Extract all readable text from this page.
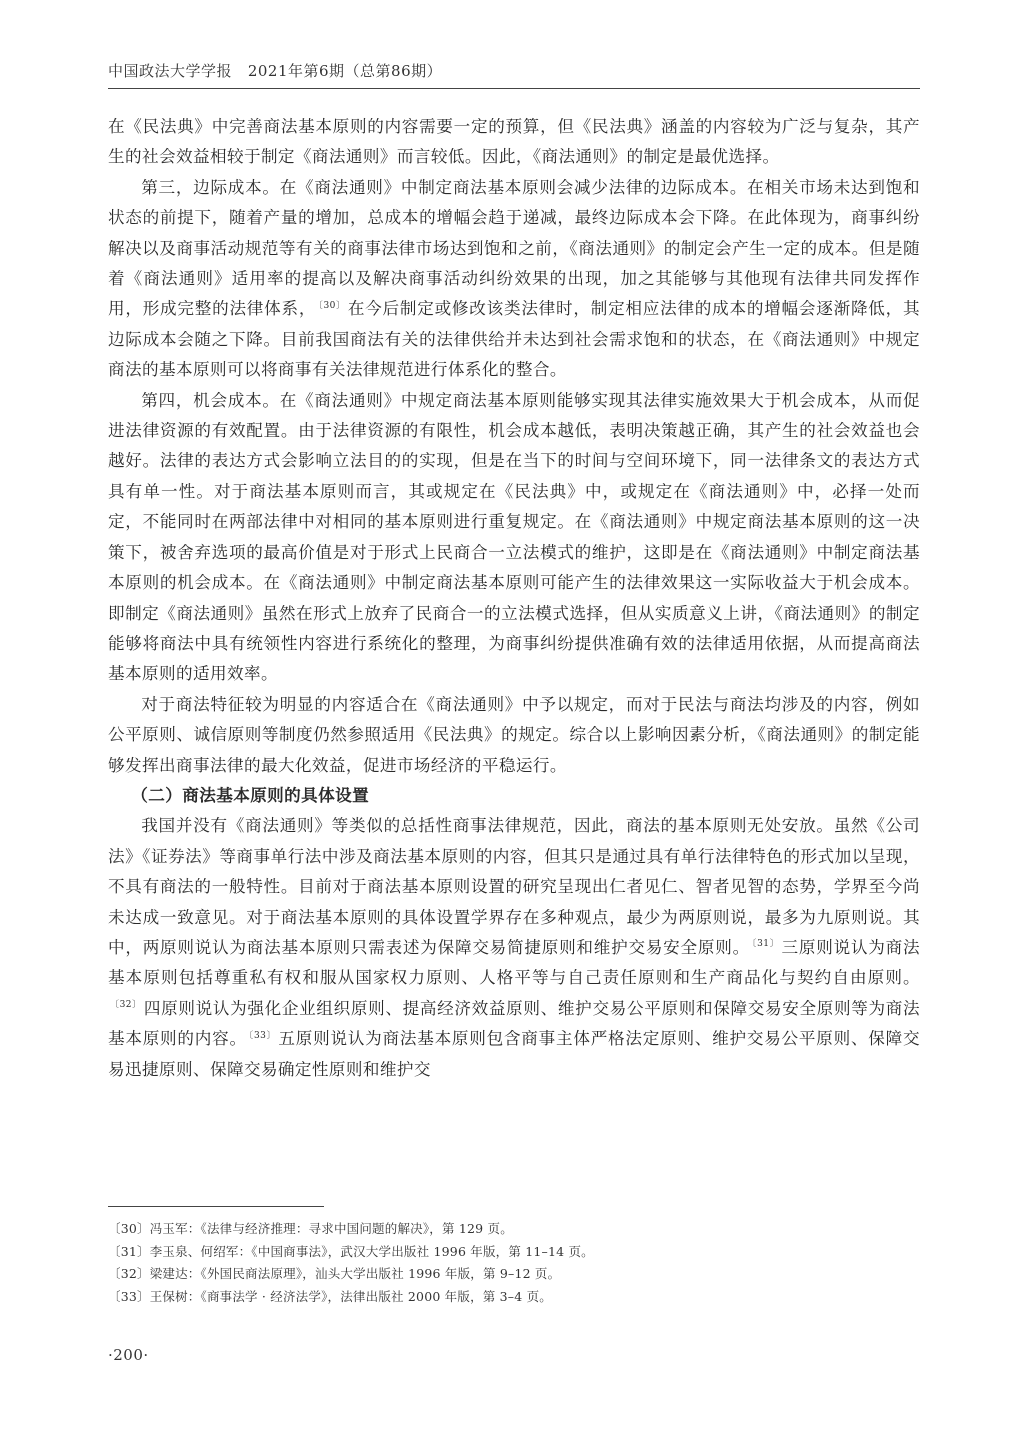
中国政法大学学报 2021年第6期（总第86期）

在《民法典》中完善商法基本原则的内容需要一定的预算，但《民法典》涵盖的内容较为广泛与复杂，其产生的社会效益相较于制定《商法通则》而言较低。因此，《商法通则》的制定是最优选择。

第三，边际成本。在《商法通则》中制定商法基本原则会减少法律的边际成本。在相关市场未达到饱和状态的前提下，随着产量的增加，总成本的增幅会趋于递减，最终边际成本会下降。在此体现为，商事纠纷解决以及商事活动规范等有关的商事法律市场达到饱和之前，《商法通则》的制定会产生一定的成本。但是随着《商法通则》适用率的提高以及解决商事活动纠纷效果的出现，加之其能够与其他现有法律共同发挥作用，形成完整的法律体系， $^{〔30〕}$ 在今后制定或修改该类法律时，制定相应法律的成本的增幅会逐渐降低，其边际成本会随之下降。目前我国商法有关的法律供给并未达到社会需求饱和的状态，在《商法通则》中规定商法的基本原则可以将商事有关法律规范进行体系化的整合。

第四，机会成本。在《商法通则》中规定商法基本原则能够实现其法律实施效果大于机会成本，从而促进法律资源的有效配置。由于法律资源的有限性，机会成本越低，表明决策越正确，其产生的社会效益也会越好。法律的表达方式会影响立法目的的实现，但是在当下的时间与空间环境下，同一法律条文的表达方式具有单一性。对于商法基本原则而言，其或规定在《民法典》中，或规定在《商法通则》中，必择一处而定，不能同时在两部法律中对相同的基本原则进行重复规定。在《商法通则》中规定商法基本原则的这一决策下，被舍弃选项的最高价值是对于形式上民商合一立法模式的维护，这即是在《商法通则》中制定商法基本原则的机会成本。在《商法通则》中制定商法基本原则可能产生的法律效果这一实际收益大于机会成本。即制定《商法通则》虽然在形式上放弃了民商合一的立法模式选择，但从实质意义上讲，《商法通则》的制定能够将商法中具有统领性内容进行系统化的整理，为商事纠纷提供准确有效的法律适用依据，从而提高商法基本原则的适用效率。

对于商法特征较为明显的内容适合在《商法通则》中予以规定，而对于民法与商法均涉及的内容，例如公平原则、诚信原则等制度仍然参照适用《民法典》的规定。综合以上影响因素分析，《商法通则》的制定能够发挥出商事法律的最大化效益，促进市场经济的平稳运行。

（二）商法基本原则的具体设置

我国并没有《商法通则》等类似的总括性商事法律规范，因此，商法的基本原则无处安放。虽然《公司法》《证券法》等商事单行法中涉及商法基本原则的内容，但其只是通过具有单行法律特色的形式加以呈现，不具有商法的一般特性。目前对于商法基本原则设置的研究呈现出仁者见仁、智者见智的态势，学界至今尚未达成一致意见。对于商法基本原则的具体设置学界存在多种观点，最少为两原则说，最多为九原则说。其中，两原则说认为商法基本原则只需表述为保障交易简捷原则和维护交易安全原则。 $^{〔31〕}$ 三原则说认为商法基本原则包括尊重私有权和服从国家权力原则、人格平等与自己责任原则和生产商品化与契约自由原则。$^{〔32〕}$ 四原则说认为强化企业组织原则、提高经济效益原则、维护交易公平原则和保障交易安全原则等为商法基本原则的内容。 $^{〔33〕}$ 五原则说认为商法基本原则包含商事主体严格法定原则、维护交易公平原则、保障交易迅捷原则、保障交易确定性原则和维护交

〔30〕冯玉军：《法律与经济推理：寻求中国问题的解决》，第 129 页。

〔31〕李玉泉、何绍军：《中国商事法》，武汉大学出版社 1996 年版，第 11–14 页。

〔32〕梁建达：《外国民商法原理》，汕头大学出版社 1996 年版，第 9–12 页。

〔33〕王保树：《商事法学 · 经济法学》，法律出版社 2000 年版，第 3–4 页。

·200·
